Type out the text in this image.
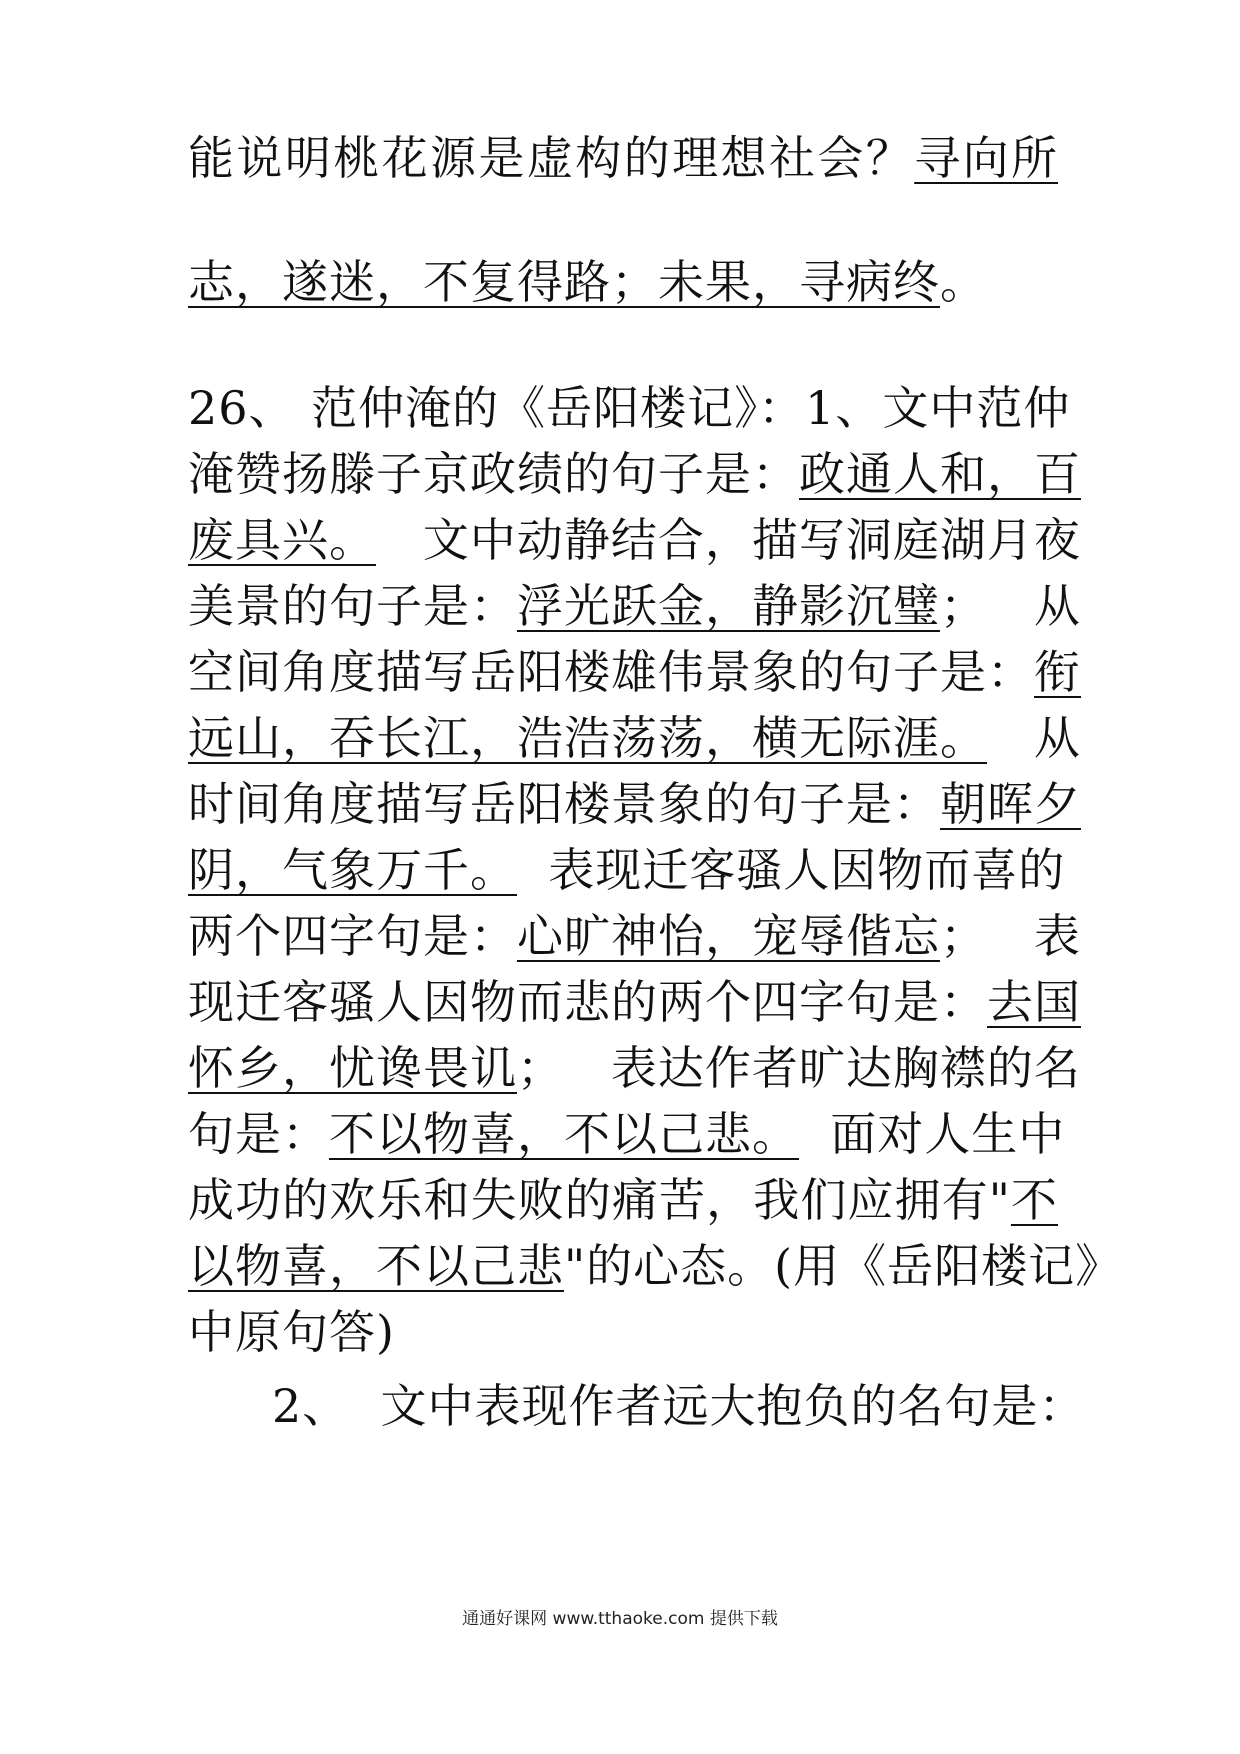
能说明桃花源是虚构的理想社会？寻向所
志，遂迷，不复得路；未果，寻病终。
26、 范仲淹的《岳阳楼记》：1、文中范仲
淹赞扬滕子京政绩的句子是：政通人和，百
废具兴。   文中动静结合，描写洞庭湖月夜
美景的句子是：浮光跃金，静影沉璧；   从
空间角度描写岳阳楼雄伟景象的句子是：衔
远山，吞长江，浩浩荡荡，横无际涯。   从
时间角度描写岳阳楼景象的句子是：朝晖夕
阴，气象万千。  表现迁客骚人因物而喜的
两个四字句是：心旷神怡，宠辱偕忘；   表
现迁客骚人因物而悲的两个四字句是：去国
怀乡，忧谗畏讥；   表达作者旷达胸襟的名
句是：不以物喜，不以己悲。  面对人生中
成功的欢乐和失败的痛苦，我们应拥有"不
以物喜，不以己悲"的心态。(用《岳阳楼记》
中原句答)
2、  文中表现作者远大抱负的名句是：
通通好课网 www.tthaoke.com 提供下载
